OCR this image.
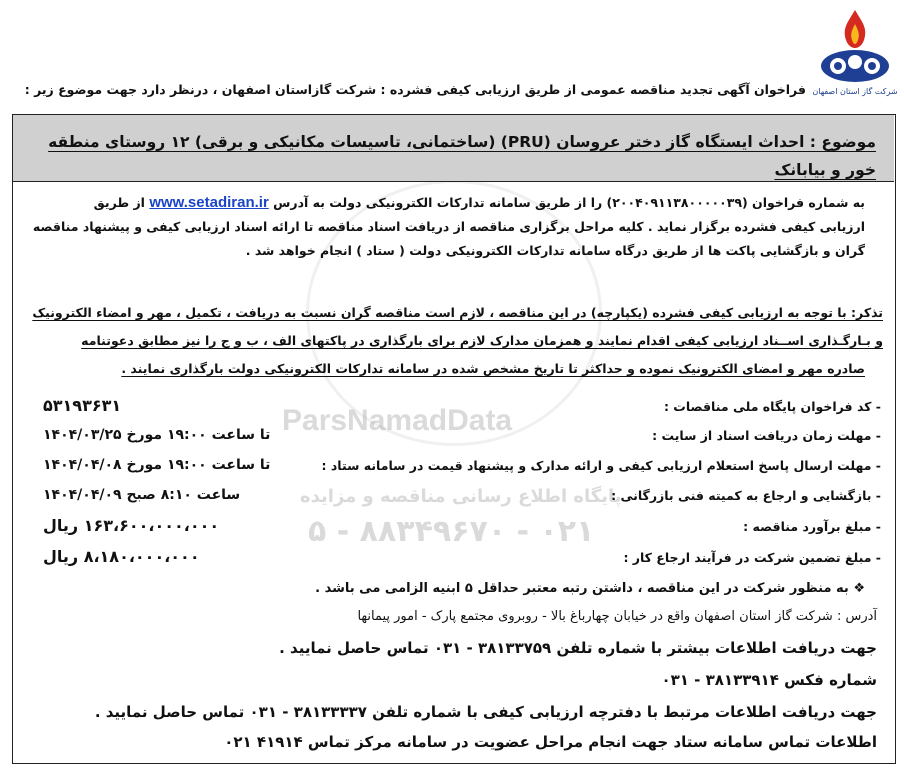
شرکت گاز استان اصفهان
فراخوان آگهی تجدید مناقصه عمومی از طریق ارزیابی کیفی فشرده : شرکت گازاستان اصفهان ، درنظر دارد جهت موضوع زیر :
ParsNamadData
پایگاه اطلاع رسانی مناقصه و مزایده
۰۲۱ - ۸۸۳۴۹۶۷۰ - ۵
موضوع : احداث ایستگاه گاز دختر عروسان (PRU) (ساختمانی، تاسیسات مکانیکی و برقی) ۱۲ روستای منطقه خور و بیابانک
به شماره فراخوان (۲۰۰۴۰۹۱۱۳۸۰۰۰۰۰۳۹) را از طریق سامانه تدارکات الکترونیکی دولت به آدرس www.setadiran.ir از طریق
ارزیابی کیفی فشرده برگزار نماید . کلیه مراحل برگزاری مناقصه از دریافت اسناد مناقصه تا ارائه اسناد ارزیابی کیفی و پیشنهاد مناقصه
گران و بازگشایی پاکت ها از طریق درگاه سامانه تدارکات الکترونیکی دولت ( ستاد ) انجام خواهد شد .
تذکر: با توجه به ارزیابی کیفی فشرده (یکپارچه) در این مناقصه ، لازم است مناقصه گران نسبت به دریافت ، تکمیل ، مهر و امضاء الکترونیک
و بـارگـذاری اســناد ارزیابی کیفی اقدام نمایند و همزمان مدارک لازم برای بارگذاری در پاکتهای الف ، ب و ج را نیز مطابق دعوتنامه
صادره مهر و امضای الکترونیک نموده و حداکثر تا تاریخ مشخص شده در سامانه تدارکات الکترونیکی دولت بارگذاری نمایند .
- کد فراخوان پایگاه ملی مناقصات :
۵۳۱۹۳۶۳۱
- مهلت زمان دریافت اسناد از سایت :
تا ساعت ۱۹:۰۰ مورخ ۱۴۰۴/۰۳/۲۵
- مهلت ارسال پاسخ استعلام ارزیابی کیفی و ارائه مدارک و پیشنهاد قیمت در سامانه ستاد :
تا ساعت ۱۹:۰۰ مورخ ۱۴۰۴/۰۴/۰۸
- بازگشایی و ارجاع به کمیته فنی بازرگانی :
ساعت ۸:۱۰ صبح ۱۴۰۴/۰۴/۰۹
- مبلغ برآورد مناقصه :
۱۶۳،۶۰۰،۰۰۰،۰۰۰ ریال
- مبلغ تضمین شرکت در فرآیند ارجاع کار :
۸،۱۸۰،۰۰۰،۰۰۰ ریال
❖ به منظور شرکت در این مناقصه ، داشتن رتبه معتبر حداقل ۵ ابنیه الزامی می باشد .
آدرس : شرکت گاز استان اصفهان واقع در خیابان چهارباغ بالا - روبروی مجتمع پارک - امور پیمانها
جهت دریافت اطلاعات بیشتر با شماره تلفن ۳۸۱۳۳۷۵۹ - ۰۳۱ تماس حاصل نمایید .
شماره فکس ۳۸۱۳۳۹۱۴ - ۰۳۱
جهت دریافت اطلاعات مرتبط با دفترچه ارزیابی کیفی با شماره تلفن ۳۸۱۳۳۳۳۷ - ۰۳۱ تماس حاصل نمایید .
اطلاعات تماس سامانه ستاد جهت انجام مراحل عضویت در سامانه مرکز تماس ۴۱۹۱۴ ۰۲۱
